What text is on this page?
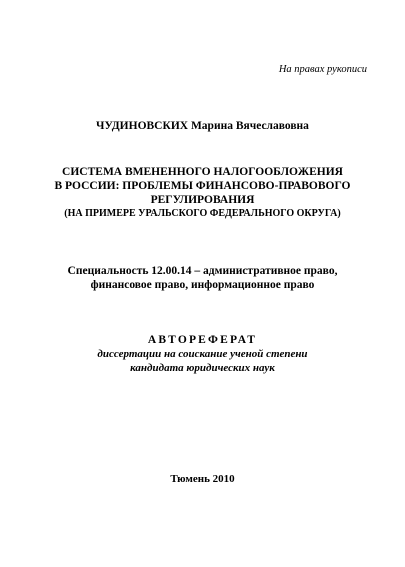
На правах рукописи
ЧУДИНОВСКИХ Марина Вячеславовна
СИСТЕМА ВМЕНЕННОГО НАЛОГООБЛОЖЕНИЯ
В РОССИИ: ПРОБЛЕМЫ ФИНАНСОВО-ПРАВОВОГО
РЕГУЛИРОВАНИЯ
(НА ПРИМЕРЕ УРАЛЬСКОГО ФЕДЕРАЛЬНОГО ОКРУГА)
Специальность 12.00.14 – административное право,
финансовое право, информационное право
АВТОРЕФЕРАТ
диссертации на соискание ученой степени
кандидата юридических наук
Тюмень 2010
